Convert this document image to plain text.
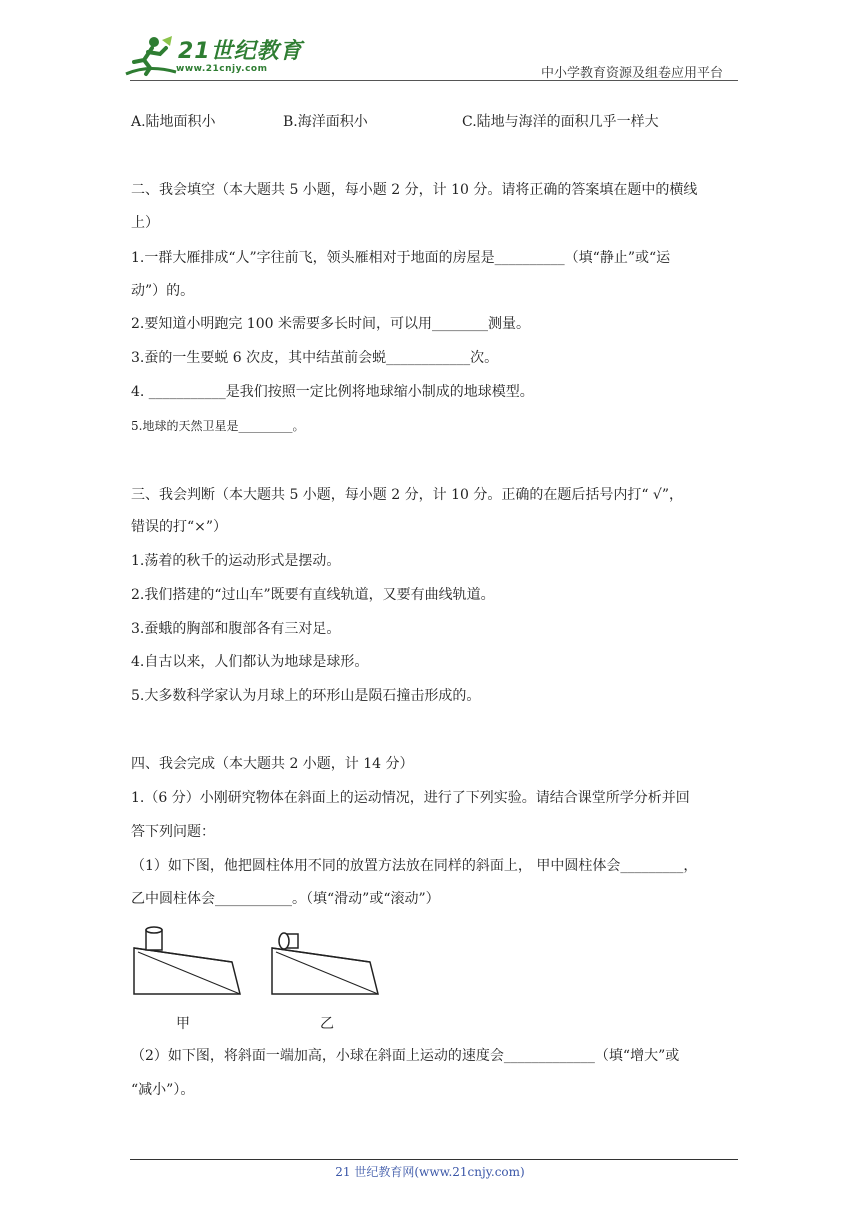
21世纪教育
www.21cnjy.com	中小学教育资源及组卷应用平台
A.陆地面积小	B.海洋面积小	C.陆地与海洋的面积几乎一样大
二、我会填空（本大题共 5 小题，每小题 2 分，计 10 分。请将正确的答案填在题中的横线
上）
1.一群大雁排成“人”字往前飞，领头雁相对于地面的房屋是__________（填“静止”或“运
动”）的。
2.要知道小明跑完 100 米需要多长时间，可以用________测量。
3.蚕的一生要蜕 6 次皮，其中结茧前会蜕____________次。
4. ___________是我们按照一定比例将地球缩小制成的地球模型。
5.地球的天然卫星是_________。
三、我会判断（本大题共 5 小题，每小题 2 分，计 10 分。正确的在题后括号内打“ √”，
错误的打“×”）
1.荡着的秋千的运动形式是摆动。
2.我们搭建的“过山车”既要有直线轨道，又要有曲线轨道。
3.蚕蛾的胸部和腹部各有三对足。
4.自古以来，人们都认为地球是球形。
5.大多数科学家认为月球上的环形山是陨石撞击形成的。
四、我会完成（本大题共 2 小题，计 14 分）
1.（6 分）小刚研究物体在斜面上的运动情况，进行了下列实验。请结合课堂所学分析并回
答下列问题：
（1）如下图，他把圆柱体用不同的放置方法放在同样的斜面上， 甲中圆柱体会_________，
乙中圆柱体会___________。（填“滑动”或“滚动”）
甲	乙
（2）如下图，将斜面一端加高，小球在斜面上运动的速度会_____________（填“增大”或
“减小”）。
21 世纪教育网(www.21cnjy.com)
